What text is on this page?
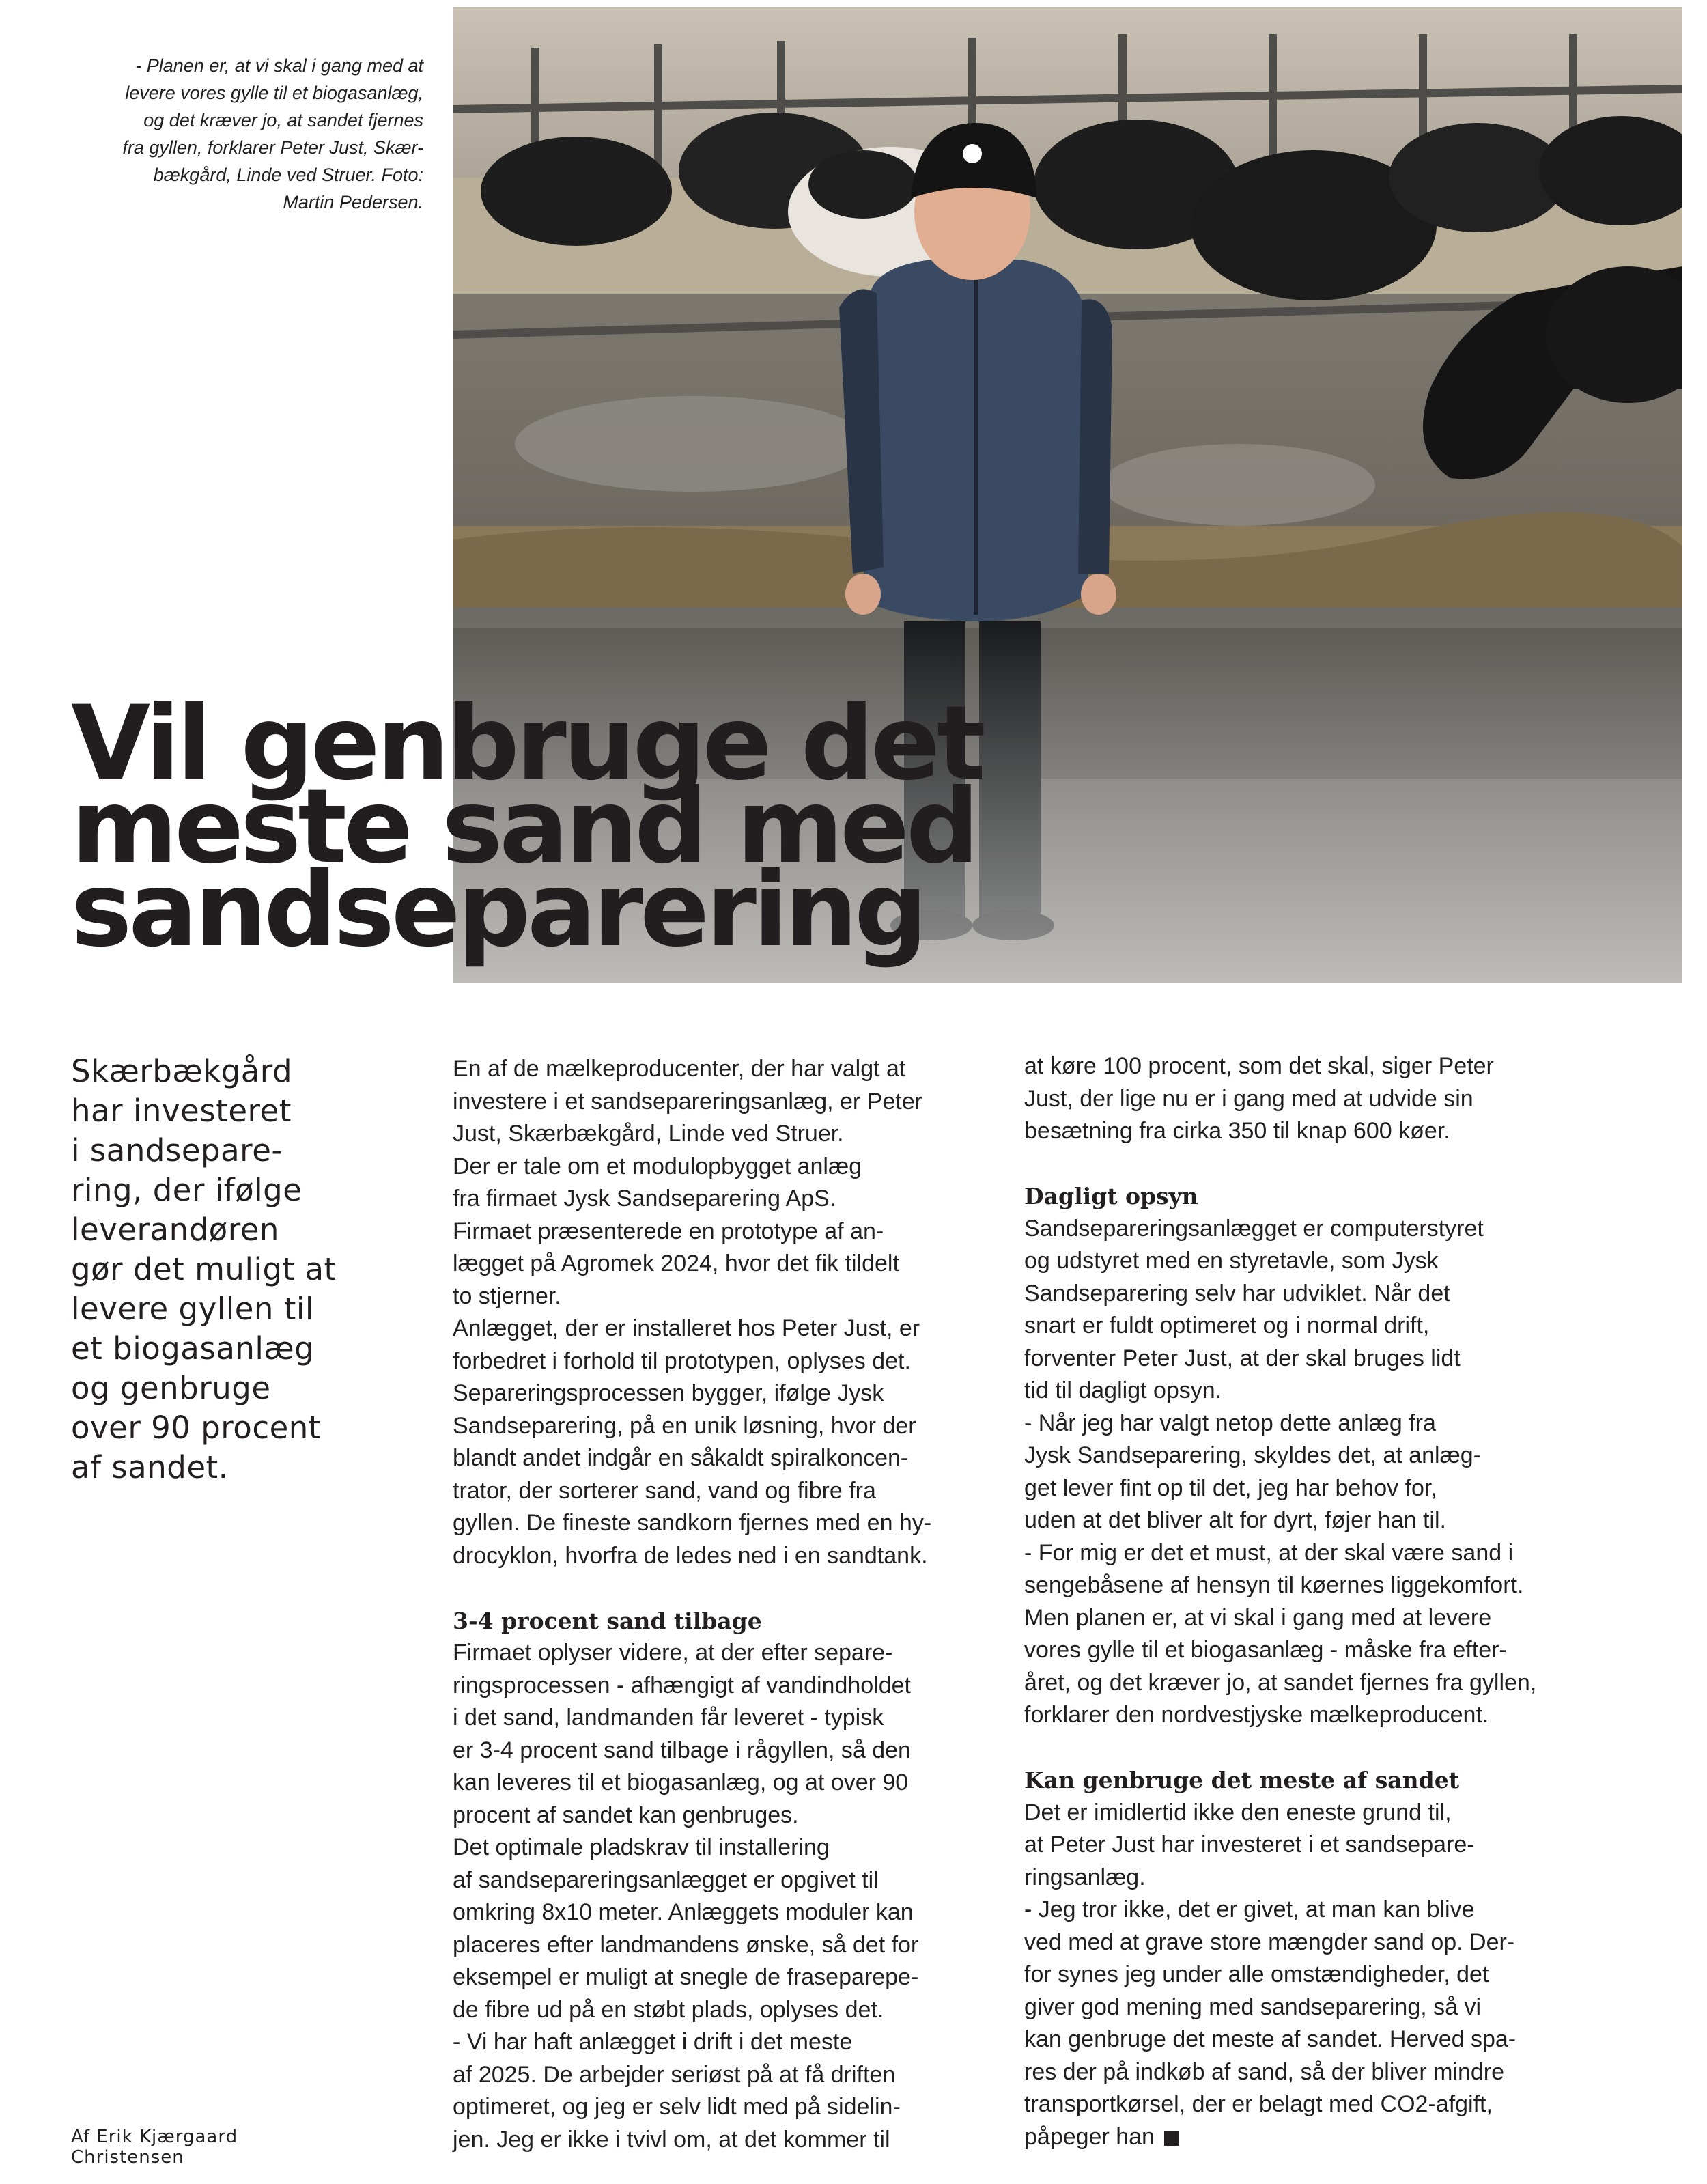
- Planen er, at vi skal i gang med at
levere vores gylle til et biogasanlæg,
og det kræver jo, at sandet fjernes
fra gyllen, forklarer Peter Just, Skær-
bækgård, Linde ved Struer. Foto:
Martin Pedersen.

Vil genbruge det
meste sand med
sandseparering

Skærbækgård
har investeret
i sandsepare-
ring, der ifølge
leverandøren
gør det muligt at
levere gyllen til
et biogasanlæg
og genbruge
over 90 procent
af sandet.

Af Erik Kjærgaard
Christensen

En af de mælkeproducenter, der har valgt at
investere i et sandsepareringsanlæg, er Peter
Just, Skærbækgård, Linde ved Struer.
Der er tale om et modulopbygget anlæg
fra firmaet Jysk Sandseparering ApS.
Firmaet præsenterede en prototype af an-
lægget på Agromek 2024, hvor det fik tildelt
to stjerner.
Anlægget, der er installeret hos Peter Just, er
forbedret i forhold til prototypen, oplyses det.
Separeringsprocessen bygger, ifølge Jysk
Sandseparering, på en unik løsning, hvor der
blandt andet indgår en såkaldt spiralkoncen-
trator, der sorterer sand, vand og fibre fra
gyllen. De fineste sandkorn fjernes med en hy-
drocyklon, hvorfra de ledes ned i en sandtank.
3-4 procent sand tilbage
Firmaet oplyser videre, at der efter separe-
ringsprocessen - afhængigt af vandindholdet
i det sand, landmanden får leveret - typisk
er 3-4 procent sand tilbage i rågyllen, så den
kan leveres til et biogasanlæg, og at over 90
procent af sandet kan genbruges.
Det optimale pladskrav til installering
af sandsepareringsanlægget er opgivet til
omkring 8x10 meter. Anlæggets moduler kan
placeres efter landmandens ønske, så det for
eksempel er muligt at snegle de frasepareре-
de fibre ud på en støbt plads, oplyses det.
- Vi har haft anlægget i drift i det meste
af 2025. De arbejder seriøst på at få driften
optimeret, og jeg er selv lidt med på sidelin-
jen. Jeg er ikke i tvivl om, at det kommer til
at køre 100 procent, som det skal, siger Peter
Just, der lige nu er i gang med at udvide sin
besætning fra cirka 350 til knap 600 køer.
Dagligt opsyn
Sandsepareringsanlægget er computerstyret
og udstyret med en styretavle, som Jysk
Sandseparering selv har udviklet. Når det
snart er fuldt optimeret og i normal drift,
forventer Peter Just, at der skal bruges lidt
tid til dagligt opsyn.
- Når jeg har valgt netop dette anlæg fra
Jysk Sandseparering, skyldes det, at anlæg-
get lever fint op til det, jeg har behov for,
uden at det bliver alt for dyrt, føjer han til.
- For mig er det et must, at der skal være sand i
sengebåsene af hensyn til køernes liggekomfort.
Men planen er, at vi skal i gang med at levere
vores gylle til et biogasanlæg - måske fra efter-
året, og det kræver jo, at sandet fjernes fra gyllen,
forklarer den nordvestjyske mælkeproducent.
Kan genbruge det meste af sandet
Det er imidlertid ikke den eneste grund til,
at Peter Just har investeret i et sandsepare-
ringsanlæg.
- Jeg tror ikke, det er givet, at man kan blive
ved med at grave store mængder sand op. Der-
for synes jeg under alle omstændigheder, det
giver god mening med sandseparering, så vi
kan genbruge det meste af sandet. Herved spa-
res der på indkøb af sand, så der bliver mindre
transportkørsel, der er belagt med CO2-afgift,
påpeger han
